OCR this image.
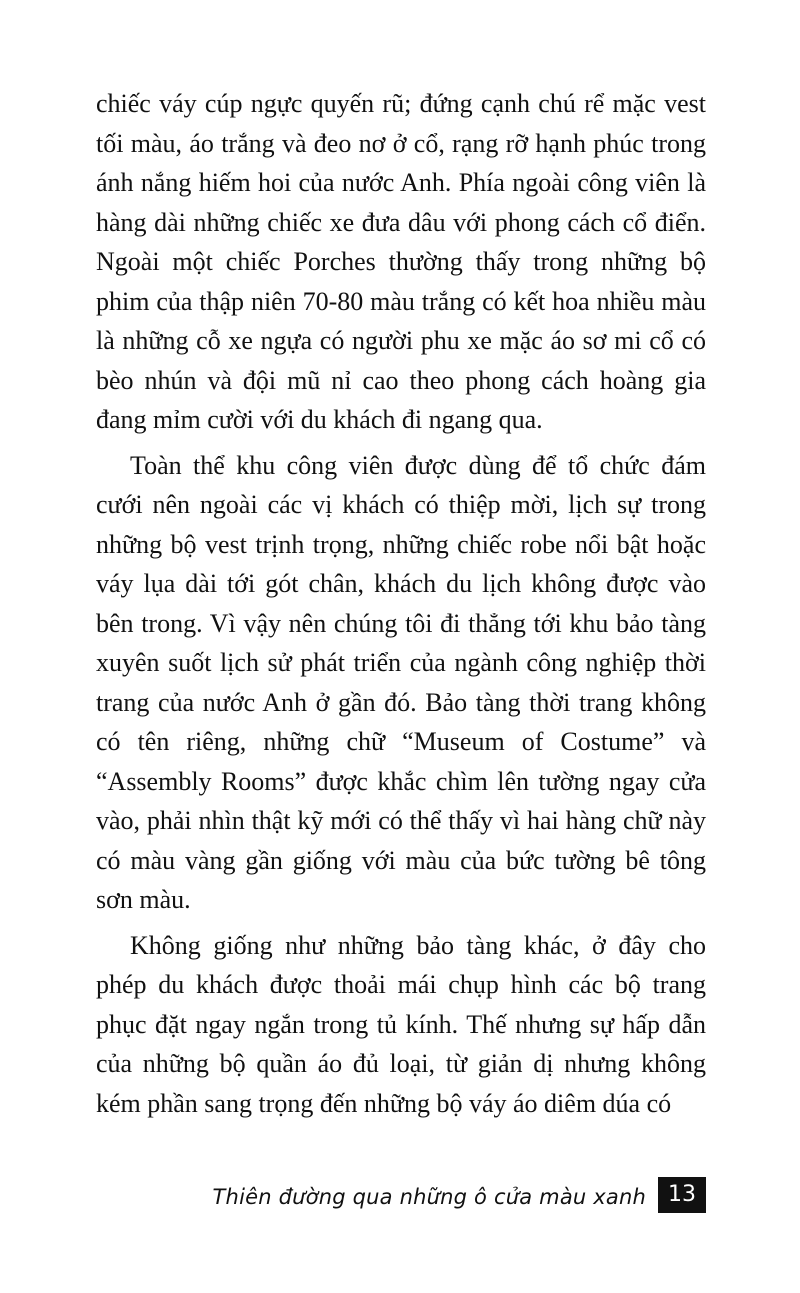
chiếc váy cúp ngực quyến rũ; đứng cạnh chú rể mặc vest tối màu, áo trắng và đeo nơ ở cổ, rạng rỡ hạnh phúc trong ánh nắng hiếm hoi của nước Anh. Phía ngoài công viên là hàng dài những chiếc xe đưa dâu với phong cách cổ điển. Ngoài một chiếc Porches thường thấy trong những bộ phim của thập niên 70-80 màu trắng có kết hoa nhiều màu là những cỗ xe ngựa có người phu xe mặc áo sơ mi cổ có bèo nhún và đội mũ nỉ cao theo phong cách hoàng gia đang mỉm cười với du khách đi ngang qua.

Toàn thể khu công viên được dùng để tổ chức đám cưới nên ngoài các vị khách có thiệp mời, lịch sự trong những bộ vest trịnh trọng, những chiếc robe nổi bật hoặc váy lụa dài tới gót chân, khách du lịch không được vào bên trong. Vì vậy nên chúng tôi đi thẳng tới khu bảo tàng xuyên suốt lịch sử phát triển của ngành công nghiệp thời trang của nước Anh ở gần đó. Bảo tàng thời trang không có tên riêng, những chữ “Museum of Costume” và “Assembly Rooms” được khắc chìm lên tường ngay cửa vào, phải nhìn thật kỹ mới có thể thấy vì hai hàng chữ này có màu vàng gần giống với màu của bức tường bê tông sơn màu.

Không giống như những bảo tàng khác, ở đây cho phép du khách được thoải mái chụp hình các bộ trang phục đặt ngay ngắn trong tủ kính. Thế nhưng sự hấp dẫn của những bộ quần áo đủ loại, từ giản dị nhưng không kém phần sang trọng đến những bộ váy áo diêm dúa có

Thiên đường qua những ô cửa màu xanh	13
